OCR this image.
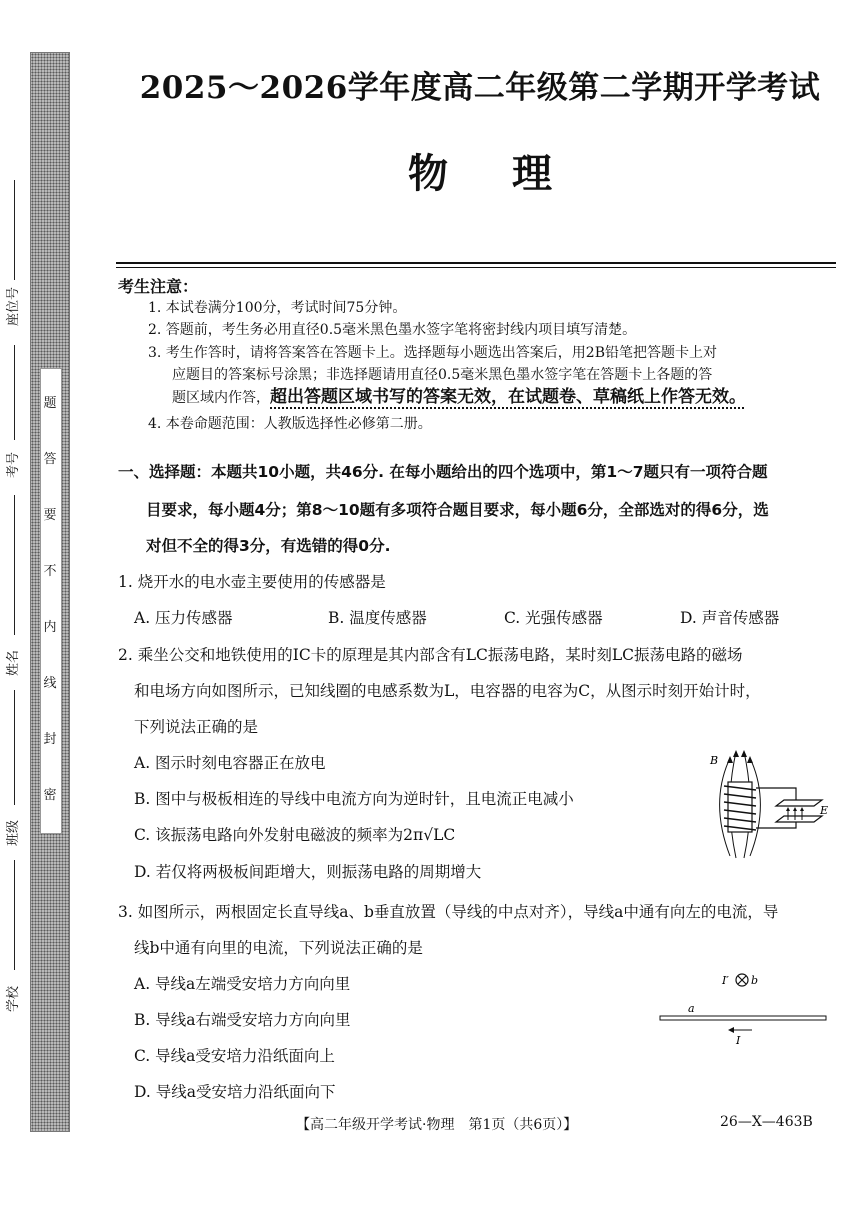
题
答
要
不
内
线
封
密
座位号
考号
姓名
班级
学校
2025～2026学年度高二年级第二学期开学考试
物理
考生注意：
1. 本试卷满分100分，考试时间75分钟。
2. 答题前，考生务必用直径0.5毫米黑色墨水签字笔将密封线内项目填写清楚。
3. 考生作答时，请将答案答在答题卡上。选择题每小题选出答案后，用2B铅笔把答题卡上对
应题目的答案标号涂黑；非选择题请用直径0.5毫米黑色墨水签字笔在答题卡上各题的答
题区域内作答，超出答题区域书写的答案无效，在试题卷、草稿纸上作答无效。
4. 本卷命题范围：人教版选择性必修第二册。
一、选择题：本题共10小题，共46分. 在每小题给出的四个选项中，第1～7题只有一项符合题
目要求，每小题4分；第8～10题有多项符合题目要求，每小题6分，全部选对的得6分，选
对但不全的得3分，有选错的得0分.
1. 烧开水的电水壶主要使用的传感器是
A. 压力传感器	B. 温度传感器	C. 光强传感器	D. 声音传感器
2. 乘坐公交和地铁使用的IC卡的原理是其内部含有LC振荡电路，某时刻LC振荡电路的磁场
和电场方向如图所示，已知线圈的电感系数为L，电容器的电容为C，从图示时刻开始计时，
下列说法正确的是
A. 图示时刻电容器正在放电
B. 图中与极板相连的导线中电流方向为逆时针，且电流正电减小
C. 该振荡电路向外发射电磁波的频率为2π√LC
D. 若仅将两极板间距增大，则振荡电路的周期增大
B
E
3. 如图所示，两根固定长直导线a、b垂直放置（导线的中点对齐），导线a中通有向左的电流，导
线b中通有向里的电流，下列说法正确的是
A. 导线a左端受安培力方向向里
B. 导线a右端受安培力方向向里
C. 导线a受安培力沿纸面向上
D. 导线a受安培力沿纸面向下
I′ b
a
I
【高二年级开学考试·物理　第1页（共6页）】	26—X—463B
